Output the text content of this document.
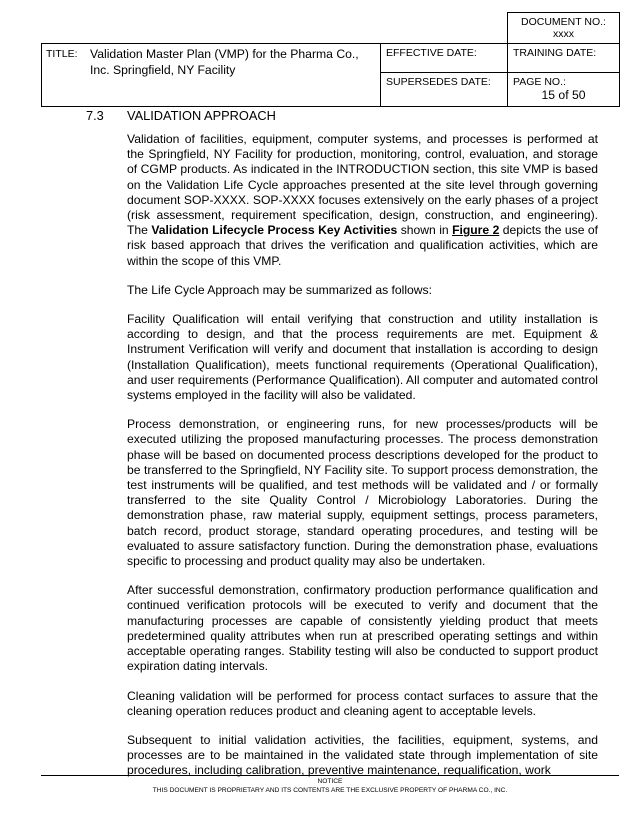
		DOCUMENT NO.:
xxxx

TITLE: Validation Master Plan (VMP) for the Pharma Co., Inc. Springfield, NY Facility	EFFECTIVE DATE:	TRAINING DATE:

	SUPERSEDES DATE:	PAGE NO.:
15 of 50
7.3	VALIDATION APPROACH

Validation of facilities, equipment, computer systems, and processes is performed at the Springfield, NY Facility for production, monitoring, control, evaluation, and storage of CGMP products. As indicated in the INTRODUCTION section, this site VMP is based on the Validation Life Cycle approaches presented at the site level through governing document SOP-XXXX. SOP-XXXX focuses extensively on the early phases of a project (risk assessment, requirement specification, design, construction, and engineering). The Validation Lifecycle Process Key Activities shown in Figure 2 depicts the use of risk based approach that drives the verification and qualification activities, which are within the scope of this VMP.

The Life Cycle Approach may be summarized as follows:

Facility Qualification will entail verifying that construction and utility installation is according to design, and that the process requirements are met. Equipment & Instrument Verification will verify and document that installation is according to design (Installation Qualification), meets functional requirements (Operational Qualification), and user requirements (Performance Qualification). All computer and automated control systems employed in the facility will also be validated.

Process demonstration, or engineering runs, for new processes/products will be executed utilizing the proposed manufacturing processes. The process demonstration phase will be based on documented process descriptions developed for the product to be transferred to the Springfield, NY Facility site. To support process demonstration, the test instruments will be qualified, and test methods will be validated and / or formally transferred to the site Quality Control / Microbiology Laboratories. During the demonstration phase, raw material supply, equipment settings, process parameters, batch record, product storage, standard operating procedures, and testing will be evaluated to assure satisfactory function. During the demonstration phase, evaluations specific to processing and product quality may also be undertaken.

After successful demonstration, confirmatory production performance qualification and continued verification protocols will be executed to verify and document that the manufacturing processes are capable of consistently yielding product that meets predetermined quality attributes when run at prescribed operating settings and within acceptable operating ranges. Stability testing will also be conducted to support product expiration dating intervals.

Cleaning validation will be performed for process contact surfaces to assure that the cleaning operation reduces product and cleaning agent to acceptable levels.

Subsequent to initial validation activities, the facilities, equipment, systems, and processes are to be maintained in the validated state through implementation of site procedures, including calibration, preventive maintenance, requalification, work

NOTICE
THIS DOCUMENT IS PROPRIETARY AND ITS CONTENTS ARE THE EXCLUSIVE PROPERTY OF PHARMA CO., INC.
